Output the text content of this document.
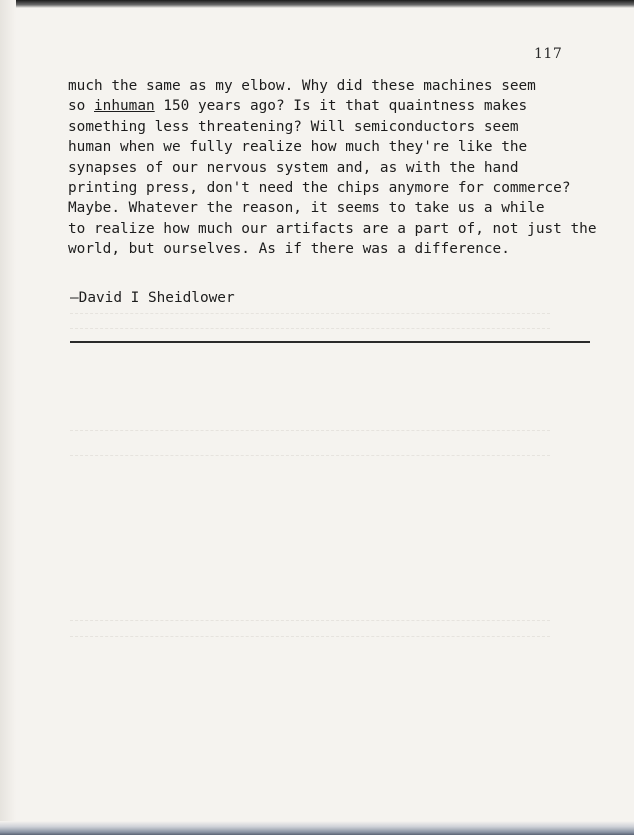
117
much the same as my elbow. Why did these machines seem
so inhuman 150 years ago? Is it that quaintness makes
something less threatening? Will semiconductors seem
human when we fully realize how much they're like the
synapses of our nervous system and, as with the hand
printing press, don't need the chips anymore for commerce?
Maybe. Whatever the reason, it seems to take us a while
to realize how much our artifacts are a part of, not just the
world, but ourselves. As if there was a difference.
—David I Sheidlower
